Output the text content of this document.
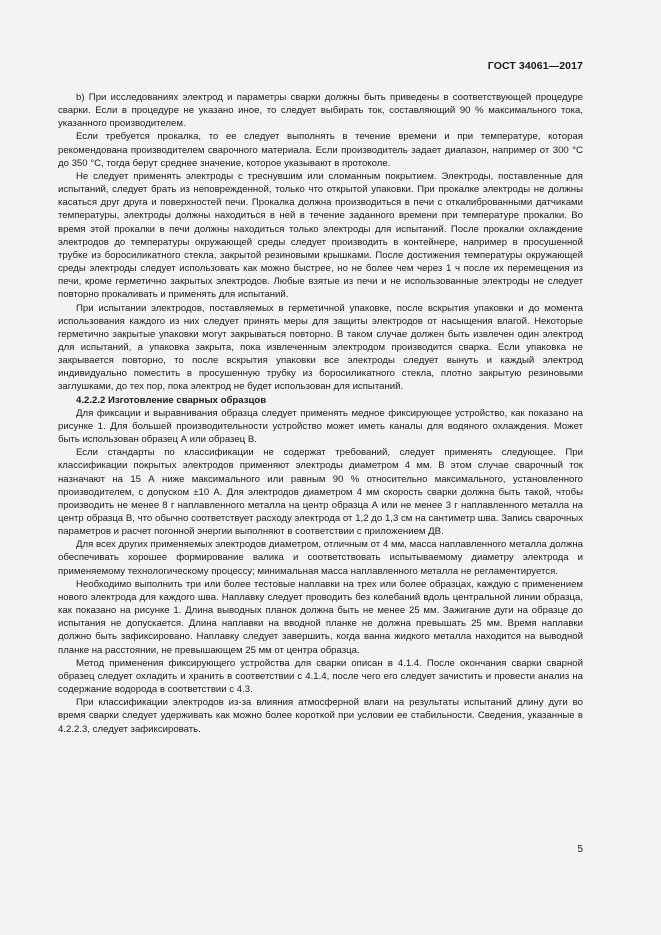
ГОСТ 34061—2017

b) При исследованиях электрод и параметры сварки должны быть приведены в соответствующей процедуре сварки. Если в процедуре не указано иное, то следует выбирать ток, составляющий 90 % максимального тока, указанного производителем.

Если требуется прокалка, то ее следует выполнять в течение времени и при температуре, которая рекомендована производителем сварочного материала. Если производитель задает диапазон, например от 300 °С до 350 °С, тогда берут среднее значение, которое указывают в протоколе.

Не следует применять электроды с треснувшим или сломанным покрытием. Электроды, поставленные для испытаний, следует брать из неповрежденной, только что открытой упаковки. При прокалке электроды не должны касаться друг друга и поверхностей печи. Прокалка должна производиться в печи с откалиброванными датчиками температуры, электроды должны находиться в ней в течение заданного времени при температуре прокалки. Во время этой прокалки в печи должны находиться только электроды для испытаний. После прокалки охлаждение электродов до температуры окружающей среды следует производить в контейнере, например в просушенной трубке из боросиликатного стекла, закрытой резиновыми крышками. После достижения температуры окружающей среды электроды следует использовать как можно быстрее, но не более чем через 1 ч после их перемещения из печи, кроме герметично закрытых электродов. Любые взятые из печи и не использованные электроды не следует повторно прокаливать и применять для испытаний.

При испытании электродов, поставляемых в герметичной упаковке, после вскрытия упаковки и до момента использования каждого из них следует принять меры для защиты электродов от насыщения влагой. Некоторые герметично закрытые упаковки могут закрываться повторно. В таком случае должен быть извлечен один электрод для испытаний, а упаковка закрыта, пока извлеченным электродом производится сварка. Если упаковка не закрывается повторно, то после вскрытия упаковки все электроды следует вынуть и каждый электрод индивидуально поместить в просушенную трубку из боросиликатного стекла, плотно закрытую резиновыми заглушками, до тех пор, пока электрод не будет использован для испытаний.

4.2.2.2 Изготовление сварных образцов

Для фиксации и выравнивания образца следует применять медное фиксирующее устройство, как показано на рисунке 1. Для большей производительности устройство может иметь каналы для водяного охлаждения. Может быть использован образец А или образец В.

Если стандарты по классификации не содержат требований, следует применять следующее. При классификации покрытых электродов применяют электроды диаметром 4 мм. В этом случае сварочный ток назначают на 15 А ниже максимального или равным 90 % относительно максимального, установленного производителем, с допуском ±10 А. Для электродов диаметром 4 мм скорость сварки должна быть такой, чтобы производить не менее 8 г наплавленного металла на центр образца А или не менее 3 г наплавленного металла на центр образца В, что обычно соответствует расходу электрода от 1,2 до 1,3 см на сантиметр шва. Запись сварочных параметров и расчет погонной энергии выполняют в соответствии с приложением ДВ.

Для всех других применяемых электродов диаметром, отличным от 4 мм, масса наплавленного металла должна обеспечивать хорошее формирование валика и соответствовать испытываемому диаметру электрода и применяемому технологическому процессу; минимальная масса наплавленного металла не регламентируется.

Необходимо выполнить три или более тестовые наплавки на трех или более образцах, каждую с применением нового электрода для каждого шва. Наплавку следует проводить без колебаний вдоль центральной линии образца, как показано на рисунке 1. Длина выводных планок должна быть не менее 25 мм. Зажигание дуги на образце до испытания не допускается. Длина наплавки на вводной планке не должна превышать 25 мм. Время наплавки должно быть зафиксировано. Наплавку следует завершить, когда ванна жидкого металла находится на выводной планке на расстоянии, не превышающем 25 мм от центра образца.

Метод применения фиксирующего устройства для сварки описан в 4.1.4. После окончания сварки сварной образец следует охладить и хранить в соответствии с 4.1.4, после чего его следует зачистить и провести анализ на содержание водорода в соответствии с 4.3.

При классификации электродов из-за влияния атмосферной влаги на результаты испытаний длину дуги во время сварки следует удерживать как можно более короткой при условии ее стабильности. Сведения, указанные в 4.2.2.3, следует зафиксировать.

5
